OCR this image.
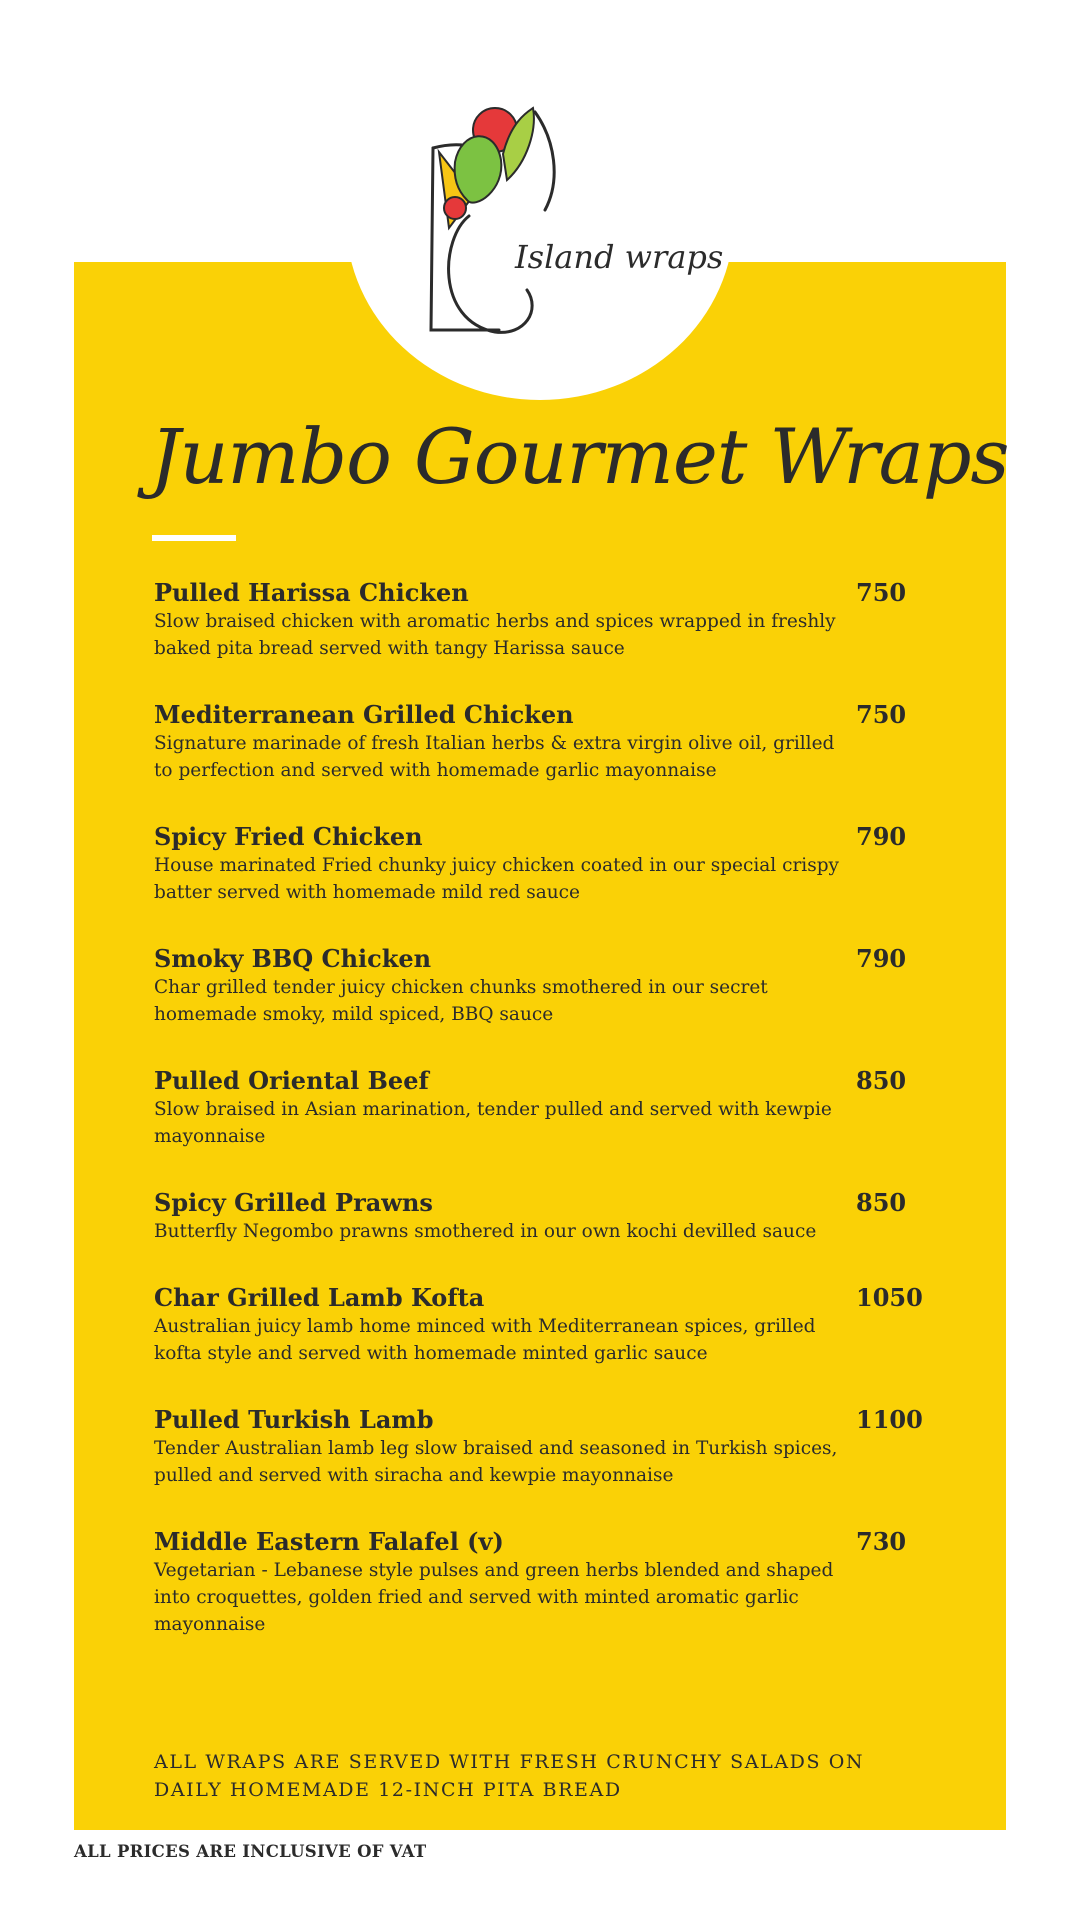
Island wraps
Jumbo Gourmet Wraps
Pulled Harissa Chicken	750
Slow braised chicken with aromatic herbs and spices wrapped in freshly baked pita bread served with tangy Harissa sauce
Mediterranean Grilled Chicken	750
Signature marinade of fresh Italian herbs & extra virgin olive oil, grilled to perfection and served with homemade garlic mayonnaise
Spicy Fried Chicken	790
House marinated Fried chunky juicy chicken coated in our special crispy batter served with homemade mild red sauce
Smoky BBQ Chicken	790
Char grilled tender juicy chicken chunks smothered in our secret homemade smoky, mild spiced, BBQ sauce
Pulled Oriental Beef	850
Slow braised in Asian marination, tender pulled and served with kewpie mayonnaise
Spicy Grilled Prawns	850
Butterfly Negombo prawns smothered in our own kochi devilled sauce
Char Grilled Lamb Kofta	1050
Australian juicy lamb home minced with Mediterranean spices, grilled kofta style and served with homemade minted garlic sauce
Pulled Turkish Lamb	1100
Tender Australian lamb leg slow braised and seasoned in Turkish spices, pulled and served with siracha and kewpie mayonnaise
Middle Eastern Falafel (v)	730
Vegetarian - Lebanese style pulses and green herbs blended and shaped into croquettes, golden fried and served with minted aromatic garlic mayonnaise

ALL WRAPS ARE SERVED WITH FRESH CRUNCHY SALADS ON DAILY HOMEMADE 12-INCH PITA BREAD

ALL PRICES ARE INCLUSIVE OF VAT
